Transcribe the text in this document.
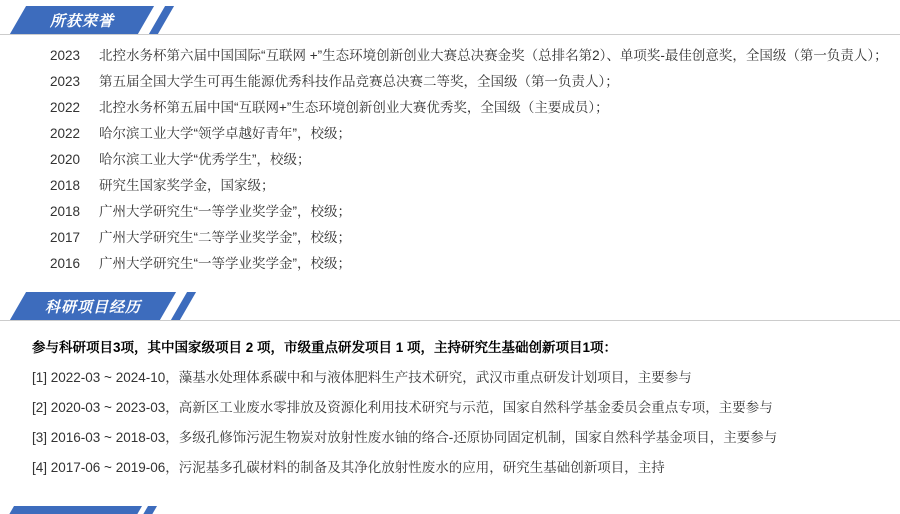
所获荣誉

2023 北控水务杯第六届中国国际“互联网 +”生态环境创新创业大赛总决赛金奖（总排名第2）、单项奖-最佳创意奖，全国级（第一负责人）；

2023 第五届全国大学生可再生能源优秀科技作品竞赛总决赛二等奖，全国级（第一负责人）；

2022 北控水务杯第五届中国“互联网+”生态环境创新创业大赛优秀奖，全国级（主要成员）；

2022 哈尔滨工业大学“领学卓越好青年”，校级；

2020 哈尔滨工业大学“优秀学生”，校级；

2018 研究生国家奖学金，国家级；

2018 广州大学研究生“一等学业奖学金”，校级；

2017 广州大学研究生“二等学业奖学金”，校级；

2016 广州大学研究生“一等学业奖学金”，校级；

科研项目经历

参与科研项目3项，其中国家级项目 2 项，市级重点研发项目 1 项，主持研究生基础创新项目1项：

[1] 2022-03 ~ 2024-10，藻基水处理体系碳中和与液体肥料生产技术研究，武汉市重点研发计划项目，主要参与

[2] 2020-03 ~ 2023-03，高新区工业废水零排放及资源化利用技术研究与示范，国家自然科学基金委员会重点专项，主要参与

[3] 2016-03 ~ 2018-03，多级孔修饰污泥生物炭对放射性废水铀的络合-还原协同固定机制，国家自然科学基金项目，主要参与

[4] 2017-06 ~ 2019-06，污泥基多孔碳材料的制备及其净化放射性废水的应用，研究生基础创新项目，主持
